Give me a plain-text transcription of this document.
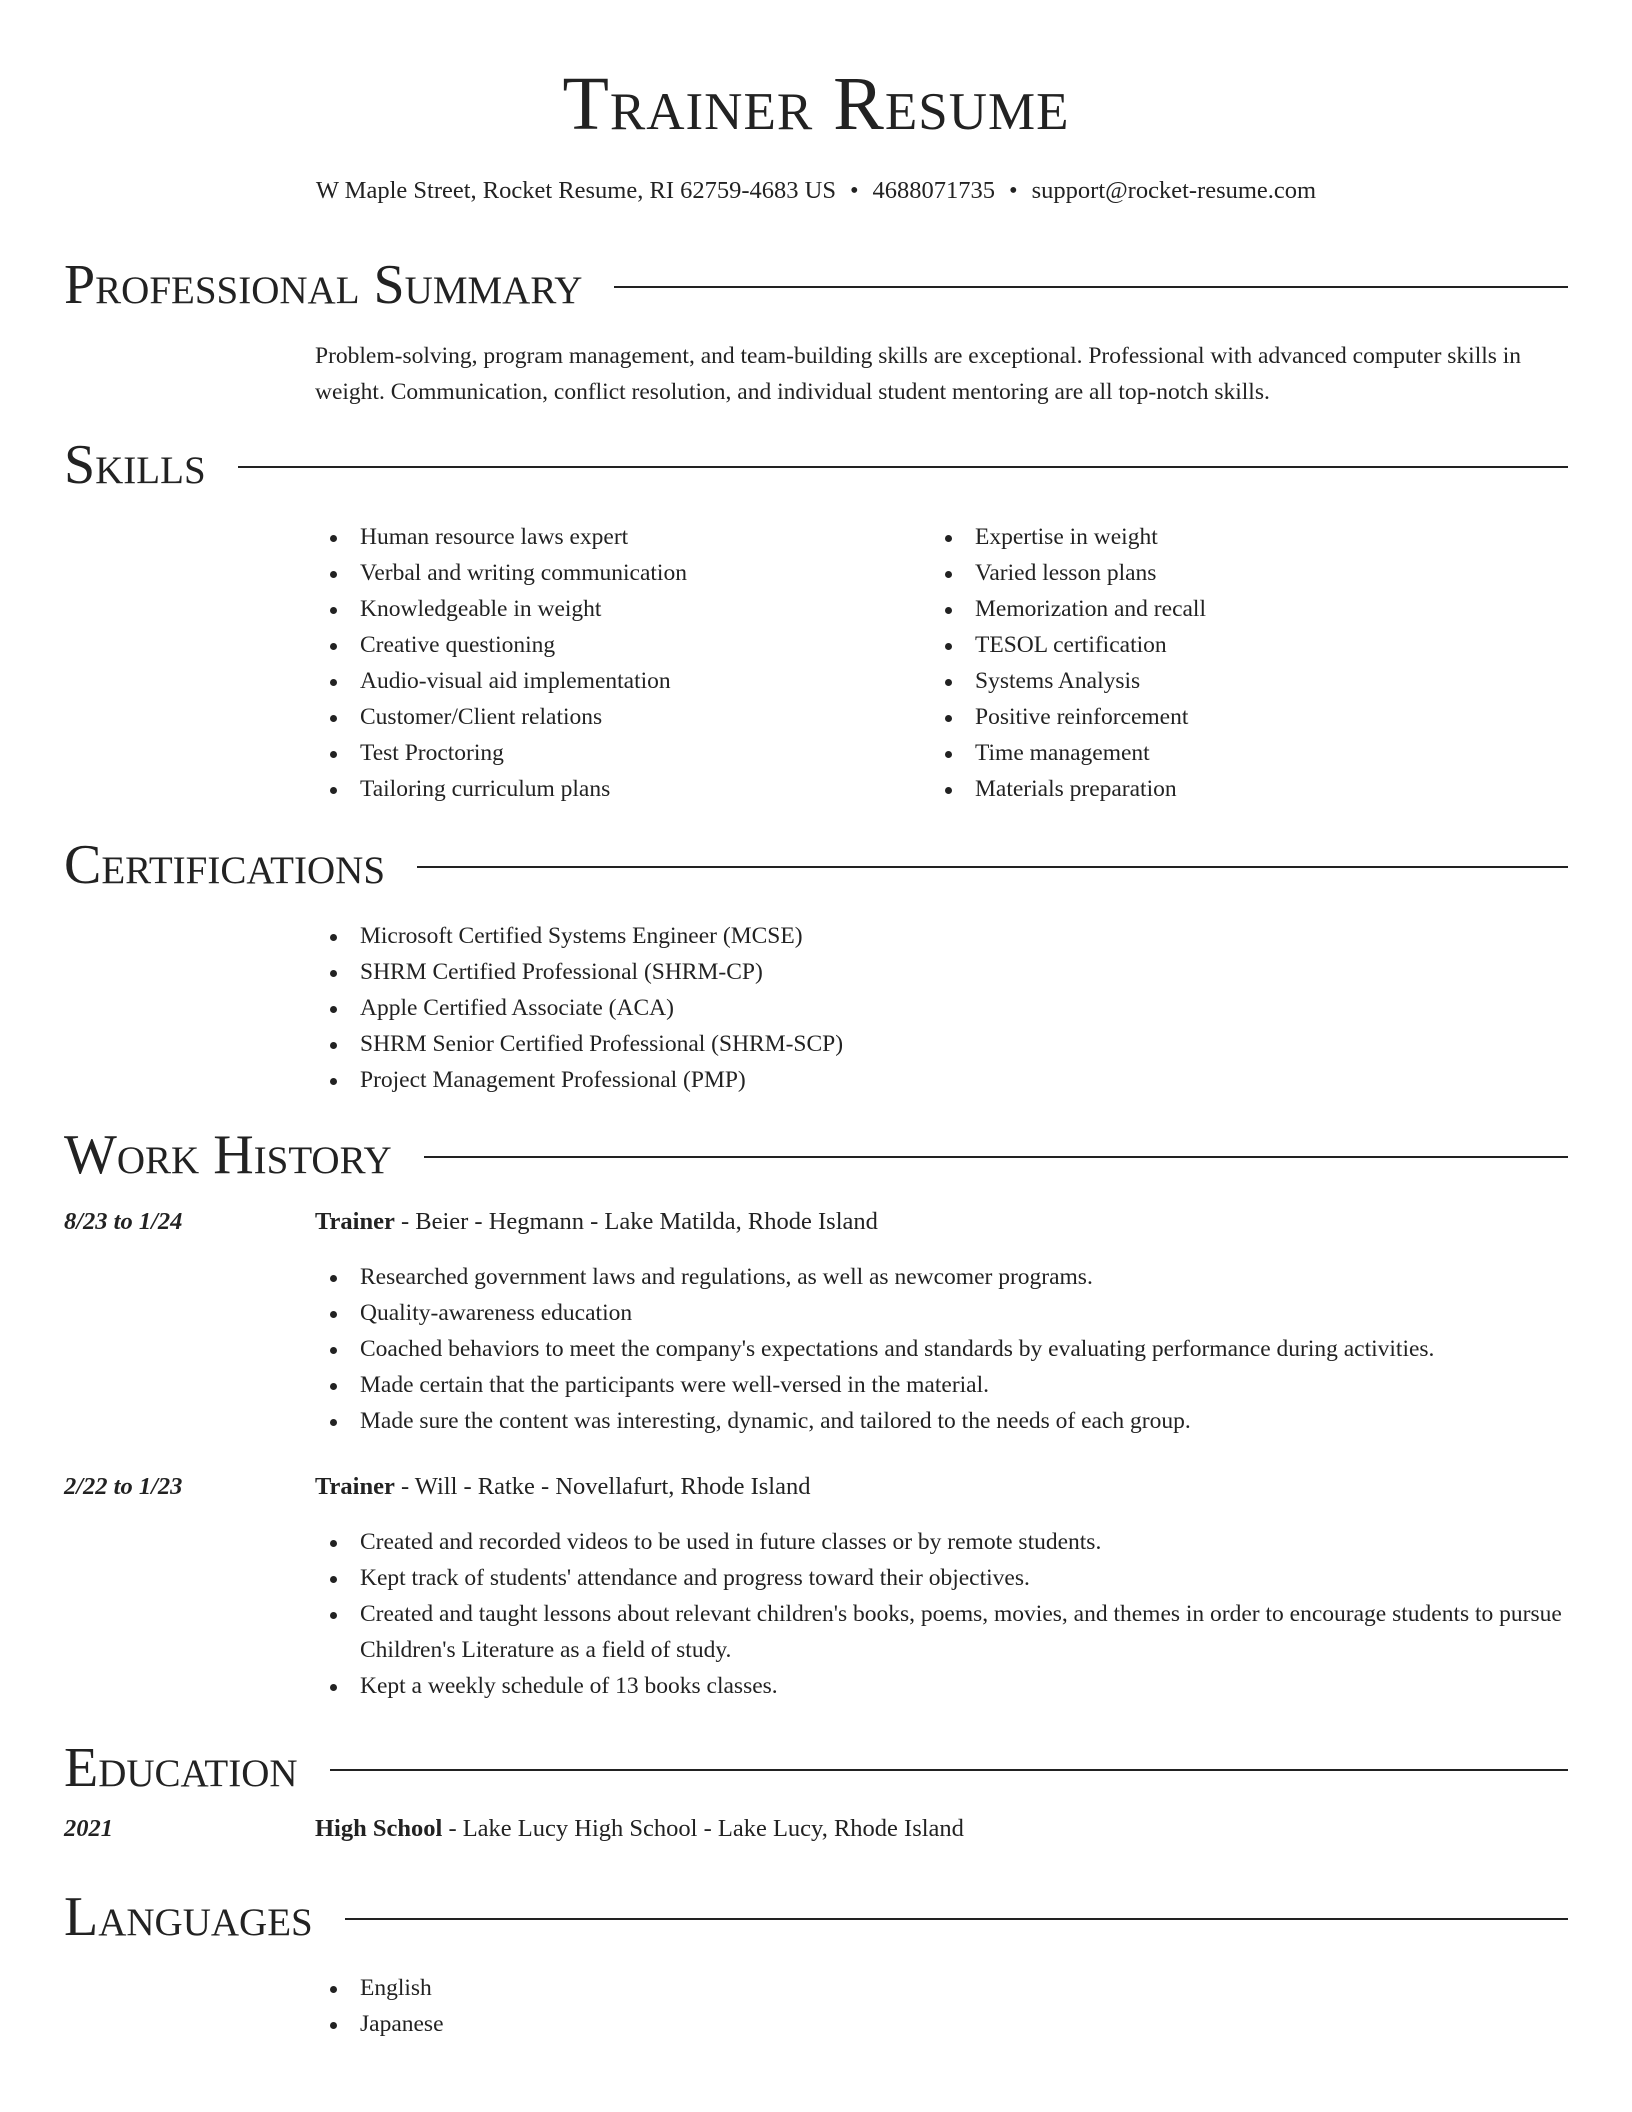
Trainer Resume
W Maple Street, Rocket Resume, RI 62759-4683 US • 4688071735 • support@rocket-resume.com
Professional Summary
Problem-solving, program management, and team-building skills are exceptional. Professional with advanced computer skills in weight. Communication, conflict resolution, and individual student mentoring are all top-notch skills.
Skills
Human resource laws expert
Verbal and writing communication
Knowledgeable in weight
Creative questioning
Audio-visual aid implementation
Customer/Client relations
Test Proctoring
Tailoring curriculum plans
Expertise in weight
Varied lesson plans
Memorization and recall
TESOL certification
Systems Analysis
Positive reinforcement
Time management
Materials preparation
Certifications
Microsoft Certified Systems Engineer (MCSE)
SHRM Certified Professional (SHRM-CP)
Apple Certified Associate (ACA)
SHRM Senior Certified Professional (SHRM-SCP)
Project Management Professional (PMP)
Work History
8/23 to 1/24	Trainer - Beier - Hegmann - Lake Matilda, Rhode Island
Researched government laws and regulations, as well as newcomer programs.
Quality-awareness education
Coached behaviors to meet the company's expectations and standards by evaluating performance during activities.
Made certain that the participants were well-versed in the material.
Made sure the content was interesting, dynamic, and tailored to the needs of each group.
2/22 to 1/23	Trainer - Will - Ratke - Novellafurt, Rhode Island
Created and recorded videos to be used in future classes or by remote students.
Kept track of students' attendance and progress toward their objectives.
Created and taught lessons about relevant children's books, poems, movies, and themes in order to encourage students to pursue Children's Literature as a field of study.
Kept a weekly schedule of 13 books classes.
Education
2021	High School - Lake Lucy High School - Lake Lucy, Rhode Island
Languages
English
Japanese
